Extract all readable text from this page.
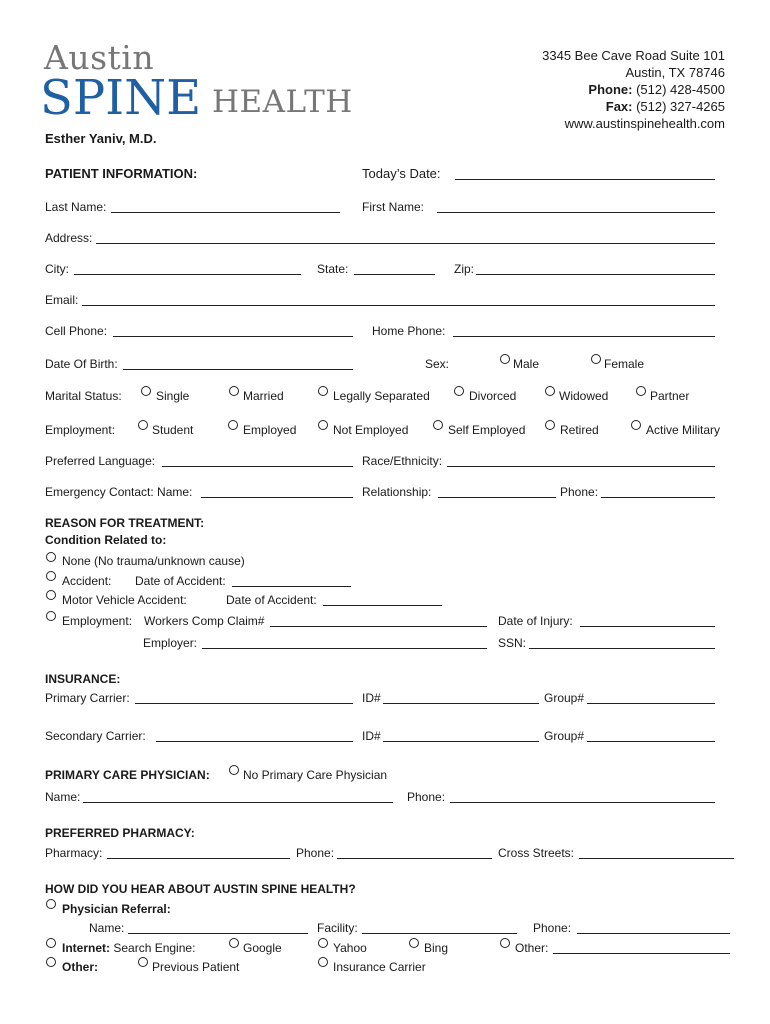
Austin
SPINE HEALTH
Esther Yaniv, M.D.
3345 Bee Cave Road Suite 101
Austin, TX 78746
Phone: (512) 428-4500
Fax: (512) 327-4265
www.austinspinehealth.com
PATIENT INFORMATION:	Today’s Date:
Last Name:	First Name:
Address:
City:	State:	Zip:
Email:
Cell Phone:	Home Phone:
Date Of Birth:	Sex:	Male	Female
Marital Status:	Single	Married	Legally Separated	Divorced	Widowed	Partner
Employment:	Student	Employed	Not Employed	Self Employed	Retired	Active Military
Preferred Language:	Race/Ethnicity:
Emergency Contact: Name:	Relationship:	Phone:
REASON FOR TREATMENT:
Condition Related to:
None (No trauma/unknown cause)
Accident: Date of Accident:
Motor Vehicle Accident:	Date of Accident:
Employment: Workers Comp Claim#	Date of Injury:
Employer:	SSN:
INSURANCE:
Primary Carrier:	ID#	Group#
Secondary Carrier:	ID#	Group#
PRIMARY CARE PHYSICIAN:	No Primary Care Physician
Name:	Phone:
PREFERRED PHARMACY:
Pharmacy:	Phone:	Cross Streets:
HOW DID YOU HEAR ABOUT AUSTIN SPINE HEALTH?
Physician Referral:
Name:	Facility:	Phone:
Internet: Search Engine:	Google	Yahoo	Bing	Other:
Other:	Previous Patient	Insurance Carrier
